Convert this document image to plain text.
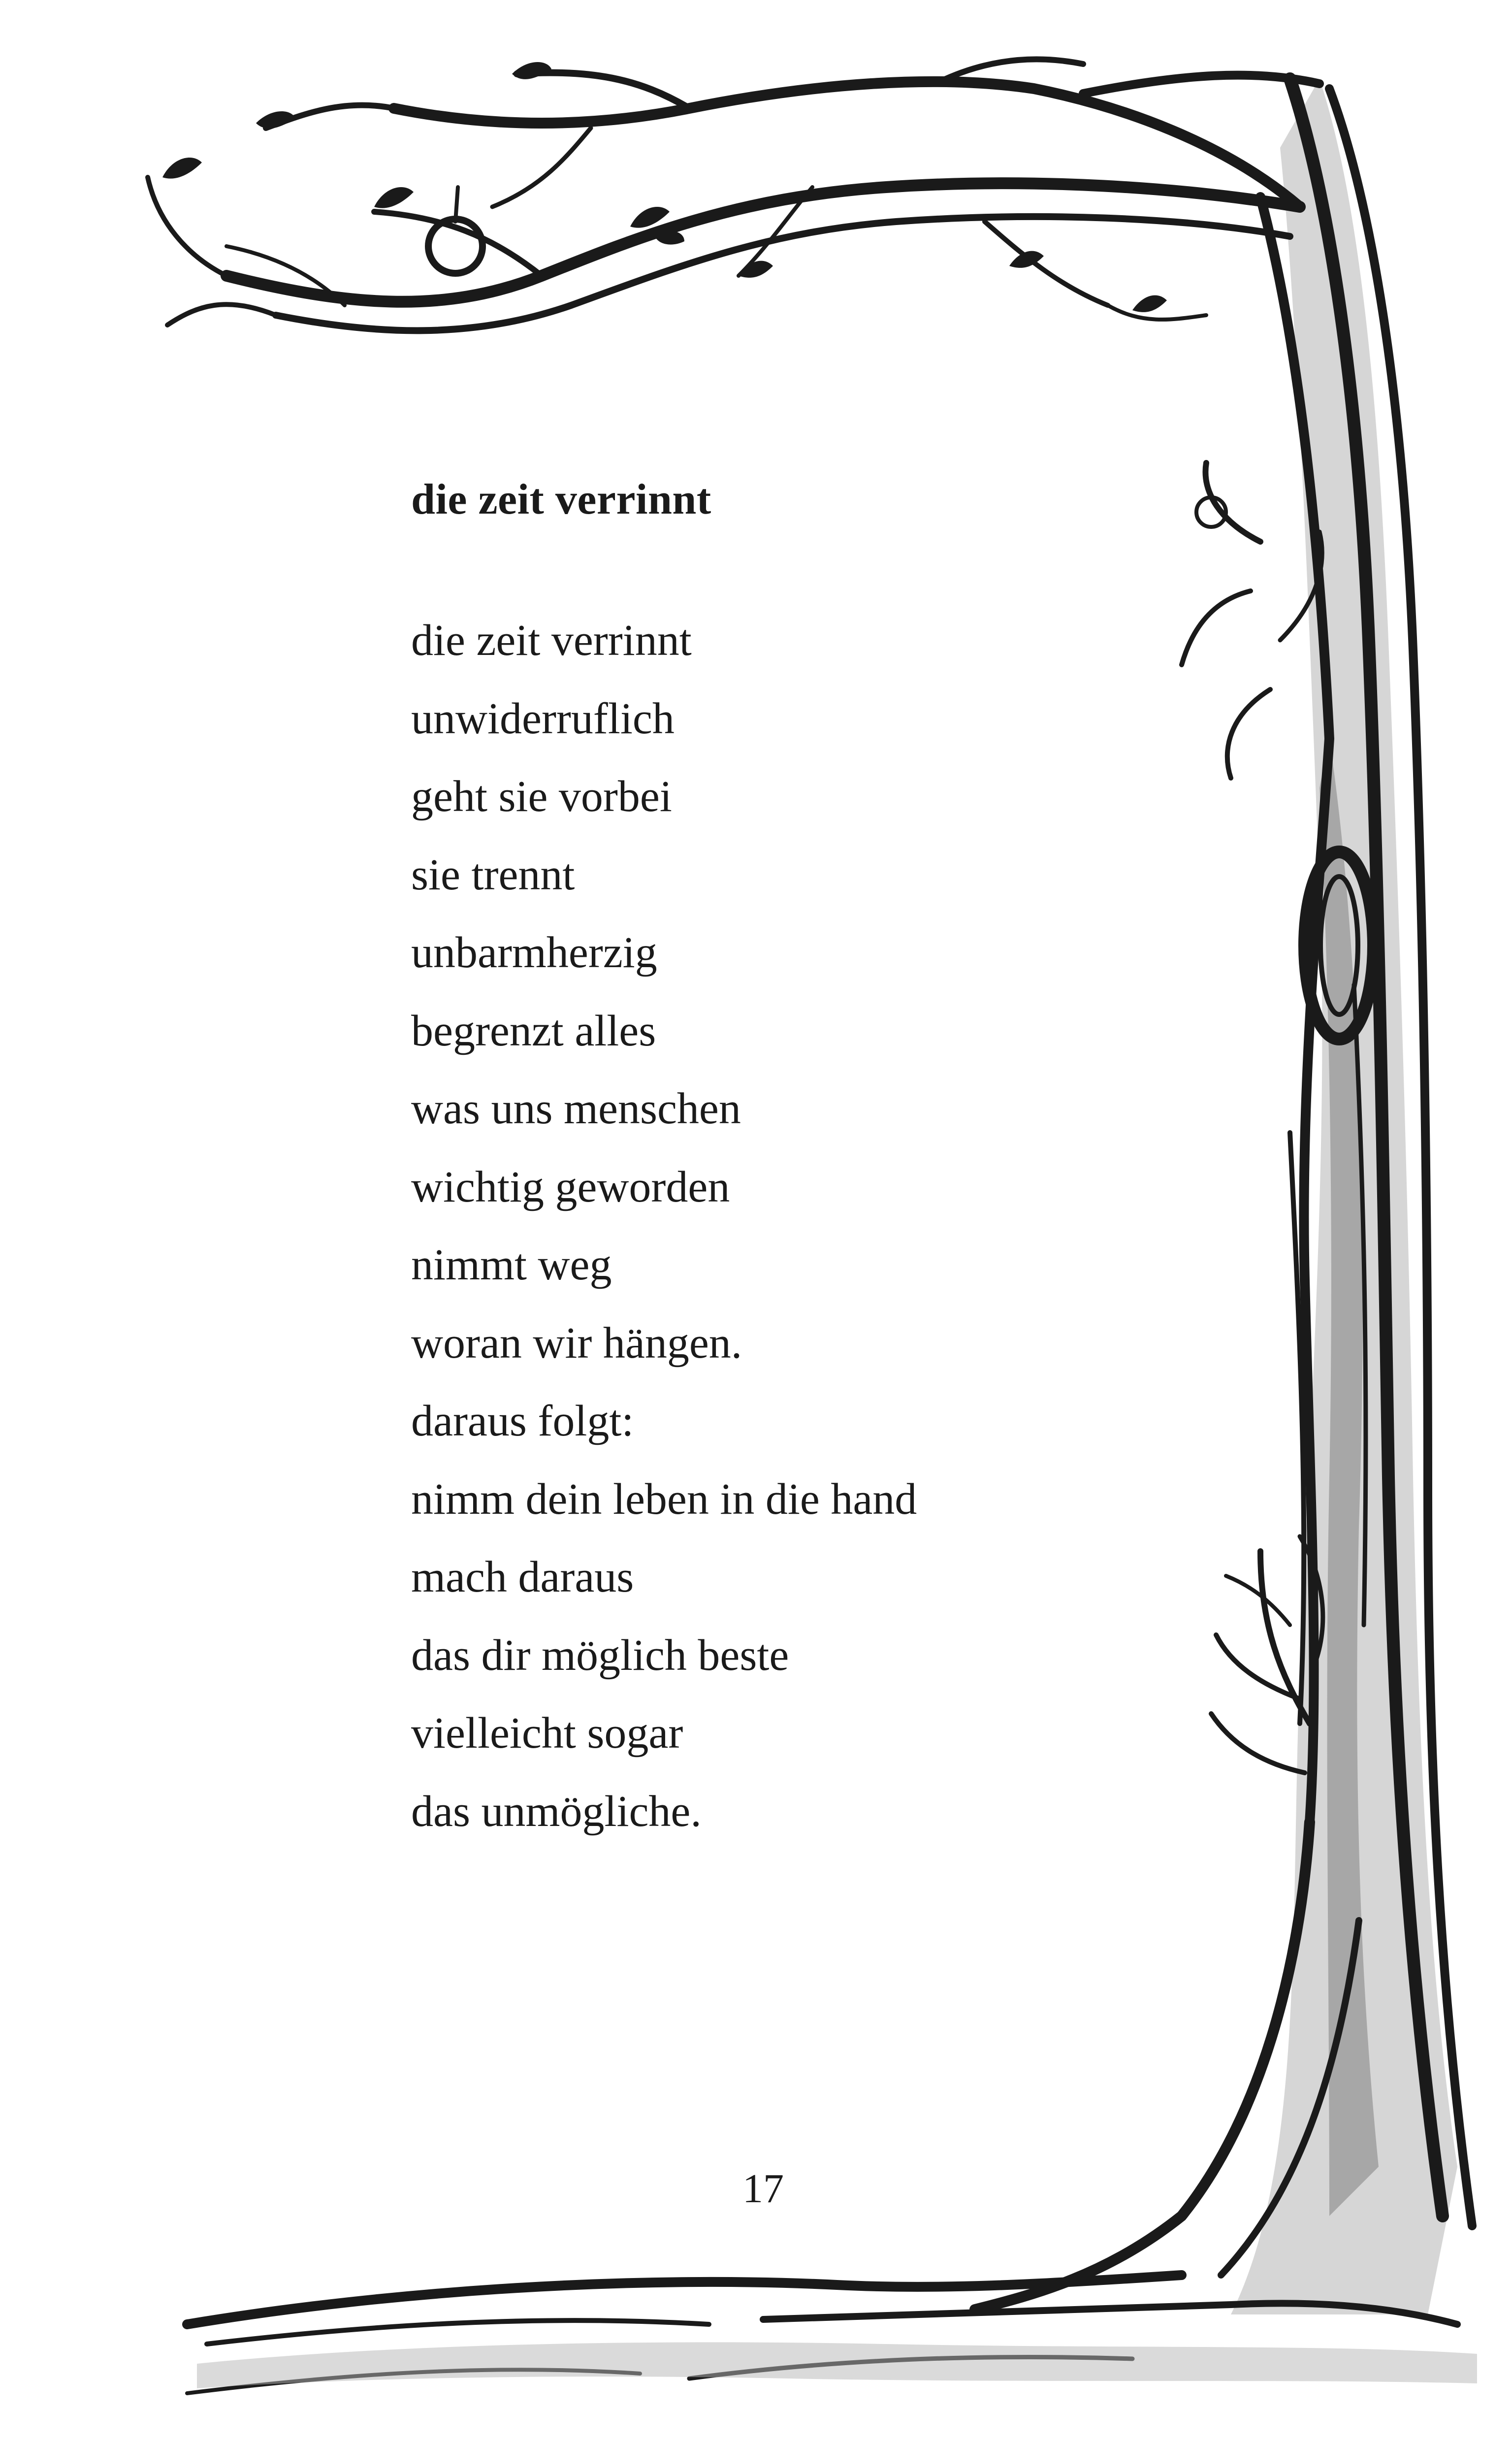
die zeit verrinnt
die zeit verrinnt
unwiderruflich
geht sie vorbei
sie trennt
unbarmherzig
begrenzt alles
was uns menschen
wichtig geworden
nimmt weg
woran wir hängen.
daraus folgt:
nimm dein leben in die hand
mach daraus
das dir möglich beste
vielleicht sogar
das unmögliche.
17
